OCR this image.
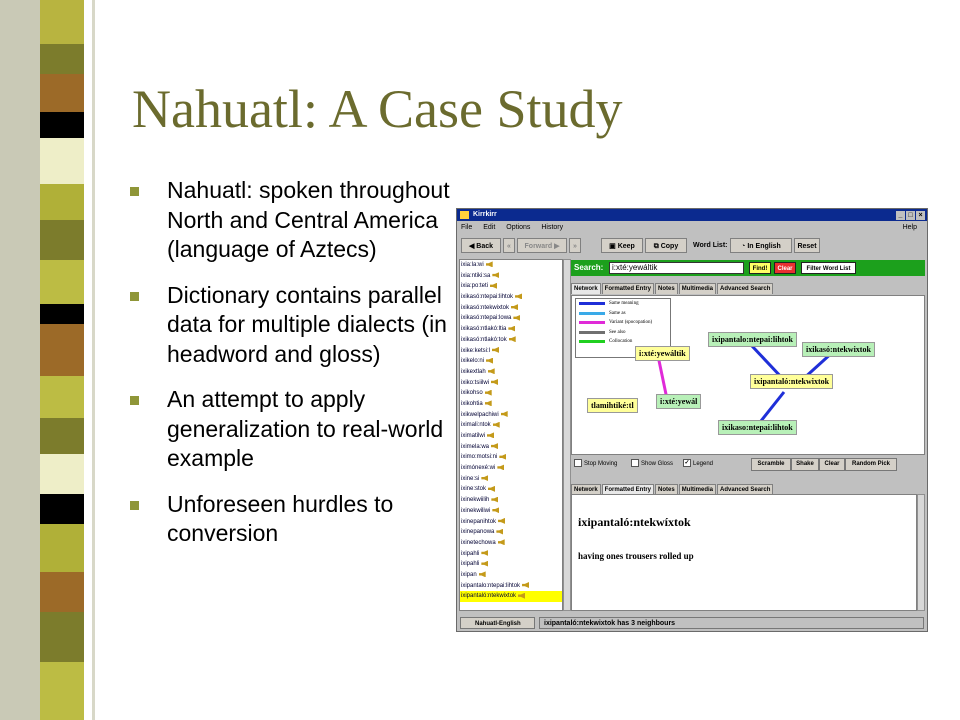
Nahuatl: A Case Study
Nahuatl: spoken throughout North and Central America (language of Aztecs)
Dictionary contains parallel data for multiple dialects (in headword and gloss)
An attempt to apply generalization to real-world example
Unforeseen hurdles to conversion
Kirrkirr	_ □ ×
File Edit Options History	Help
◀ Back	«	Forward ▶	»	▣ Keep	⧉ Copy	Word List:	◔ In English	Reset
ixia:la:wi
ixia:ntiki:sa
ixia:po:teti
ixikasó:ntepai:lihtok
ixikasó:ntekwixtok
ixikasó:ntepai:lowa
ixikasó:ntlakó:ltia
ixikasó:ntlakó:tok
ixike:ketsi:l
ixikelo:ni
ixikextlah
ixiko:tsiilwi
ixikohso
ixikohtia
ixikwelpachiwi
iximali:ntok
iximatilwi
iximela:wa
iximo:motsi:ni
iximónexé:wi
ixine:si
ixine:stok
ixinekwiilih
ixinekwiliwi
ixinepanihtok
ixinepanowa
ixinetechowa
ixipahli
ixipahli
ixipan
ixipantalo:ntepai:lihtok
ixipantaló:ntekwixtok
Search:
i:xté:yewáltik	Find!	Clear	Filter Word List
Network Formatted Entry Notes Multimedia Advanced Search
Same meaning
Same as
Variant (spocopation)
See also
Collocation
i:xté:yewáltik
ixipantalo:ntepai:lihtok
ixikasó:ntekwixtok
ixipantaló:ntekwixtok
tlamihtiké:tl	i:xté:yewál
ixikaso:ntepai:lihtok
Stop Moving	Show Gloss ✓ Legend	Scramble	Shake	Clear	Random Pick
Network Formatted Entry Notes Multimedia Advanced Search
ixipantaló:ntekwíxtok
having ones trousers rolled up
Nahuatl-English	ixipantaló:ntekwixtok has 3 neighbours
